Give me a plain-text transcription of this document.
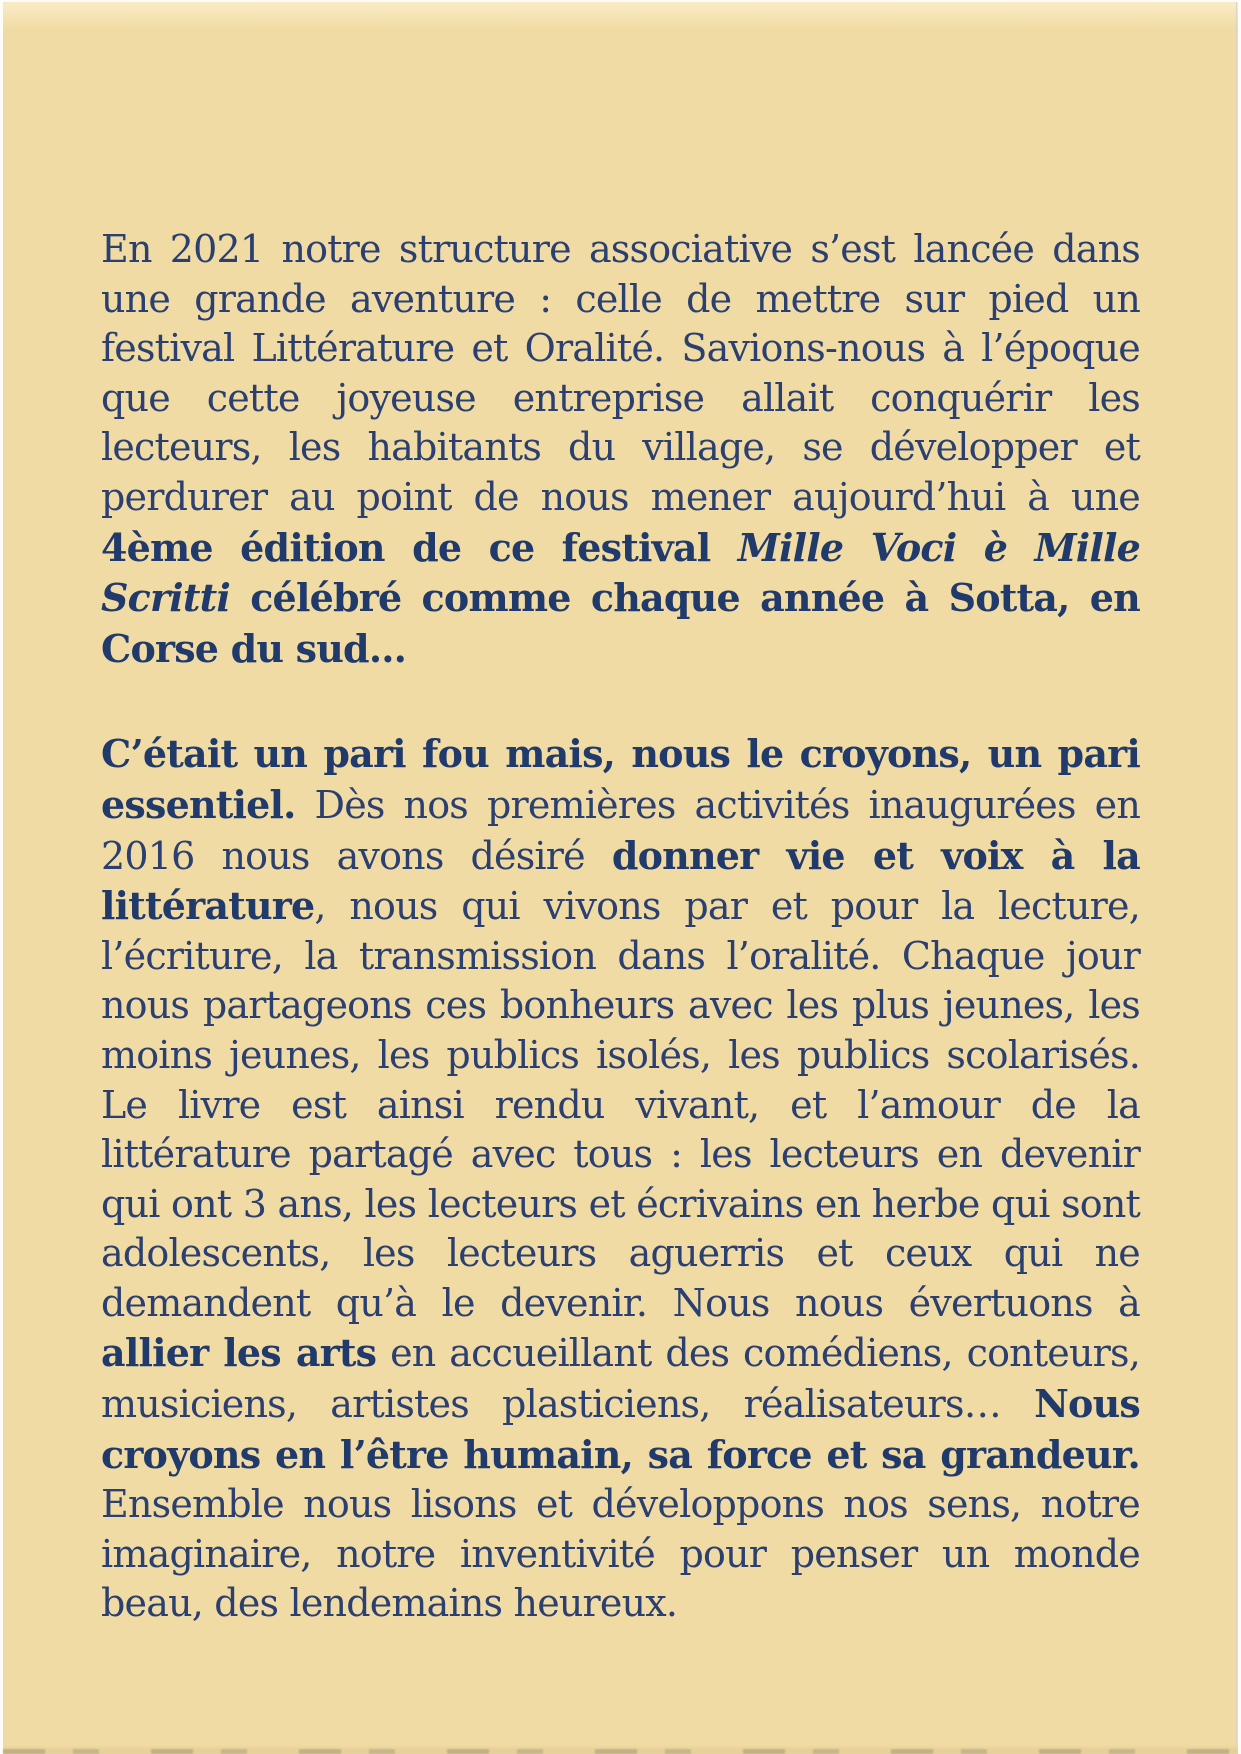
En 2021 notre structure associative s’est lancée dans une grande aventure : celle de mettre sur pied un festival Littérature et Oralité. Savions-nous à l’époque que cette joyeuse entreprise allait conquérir les lecteurs, les habitants du village, se développer et perdurer au point de nous mener aujourd’hui à une 4ème édition de ce festival Mille Voci è Mille Scritti célébré comme chaque année à Sotta, en Corse du sud…

C’était un pari fou mais, nous le croyons, un pari essentiel. Dès nos premières activités inaugurées en 2016 nous avons désiré donner vie et voix à la littérature, nous qui vivons par et pour la lecture, l’écriture, la transmission dans l’oralité. Chaque jour nous partageons ces bonheurs avec les plus jeunes, les moins jeunes, les publics isolés, les publics scolarisés. Le livre est ainsi rendu vivant, et l’amour de la littérature partagé avec tous : les lecteurs en devenir qui ont 3 ans, les lecteurs et écrivains en herbe qui sont adolescents, les lecteurs aguerris et ceux qui ne demandent qu’à le devenir. Nous nous évertuons à allier les arts en accueillant des comédiens, conteurs, musiciens, artistes plasticiens, réalisateurs… Nous croyons en l’être humain, sa force et sa grandeur. Ensemble nous lisons et développons nos sens, notre imaginaire, notre inventivité pour penser un monde beau, des lendemains heureux.
